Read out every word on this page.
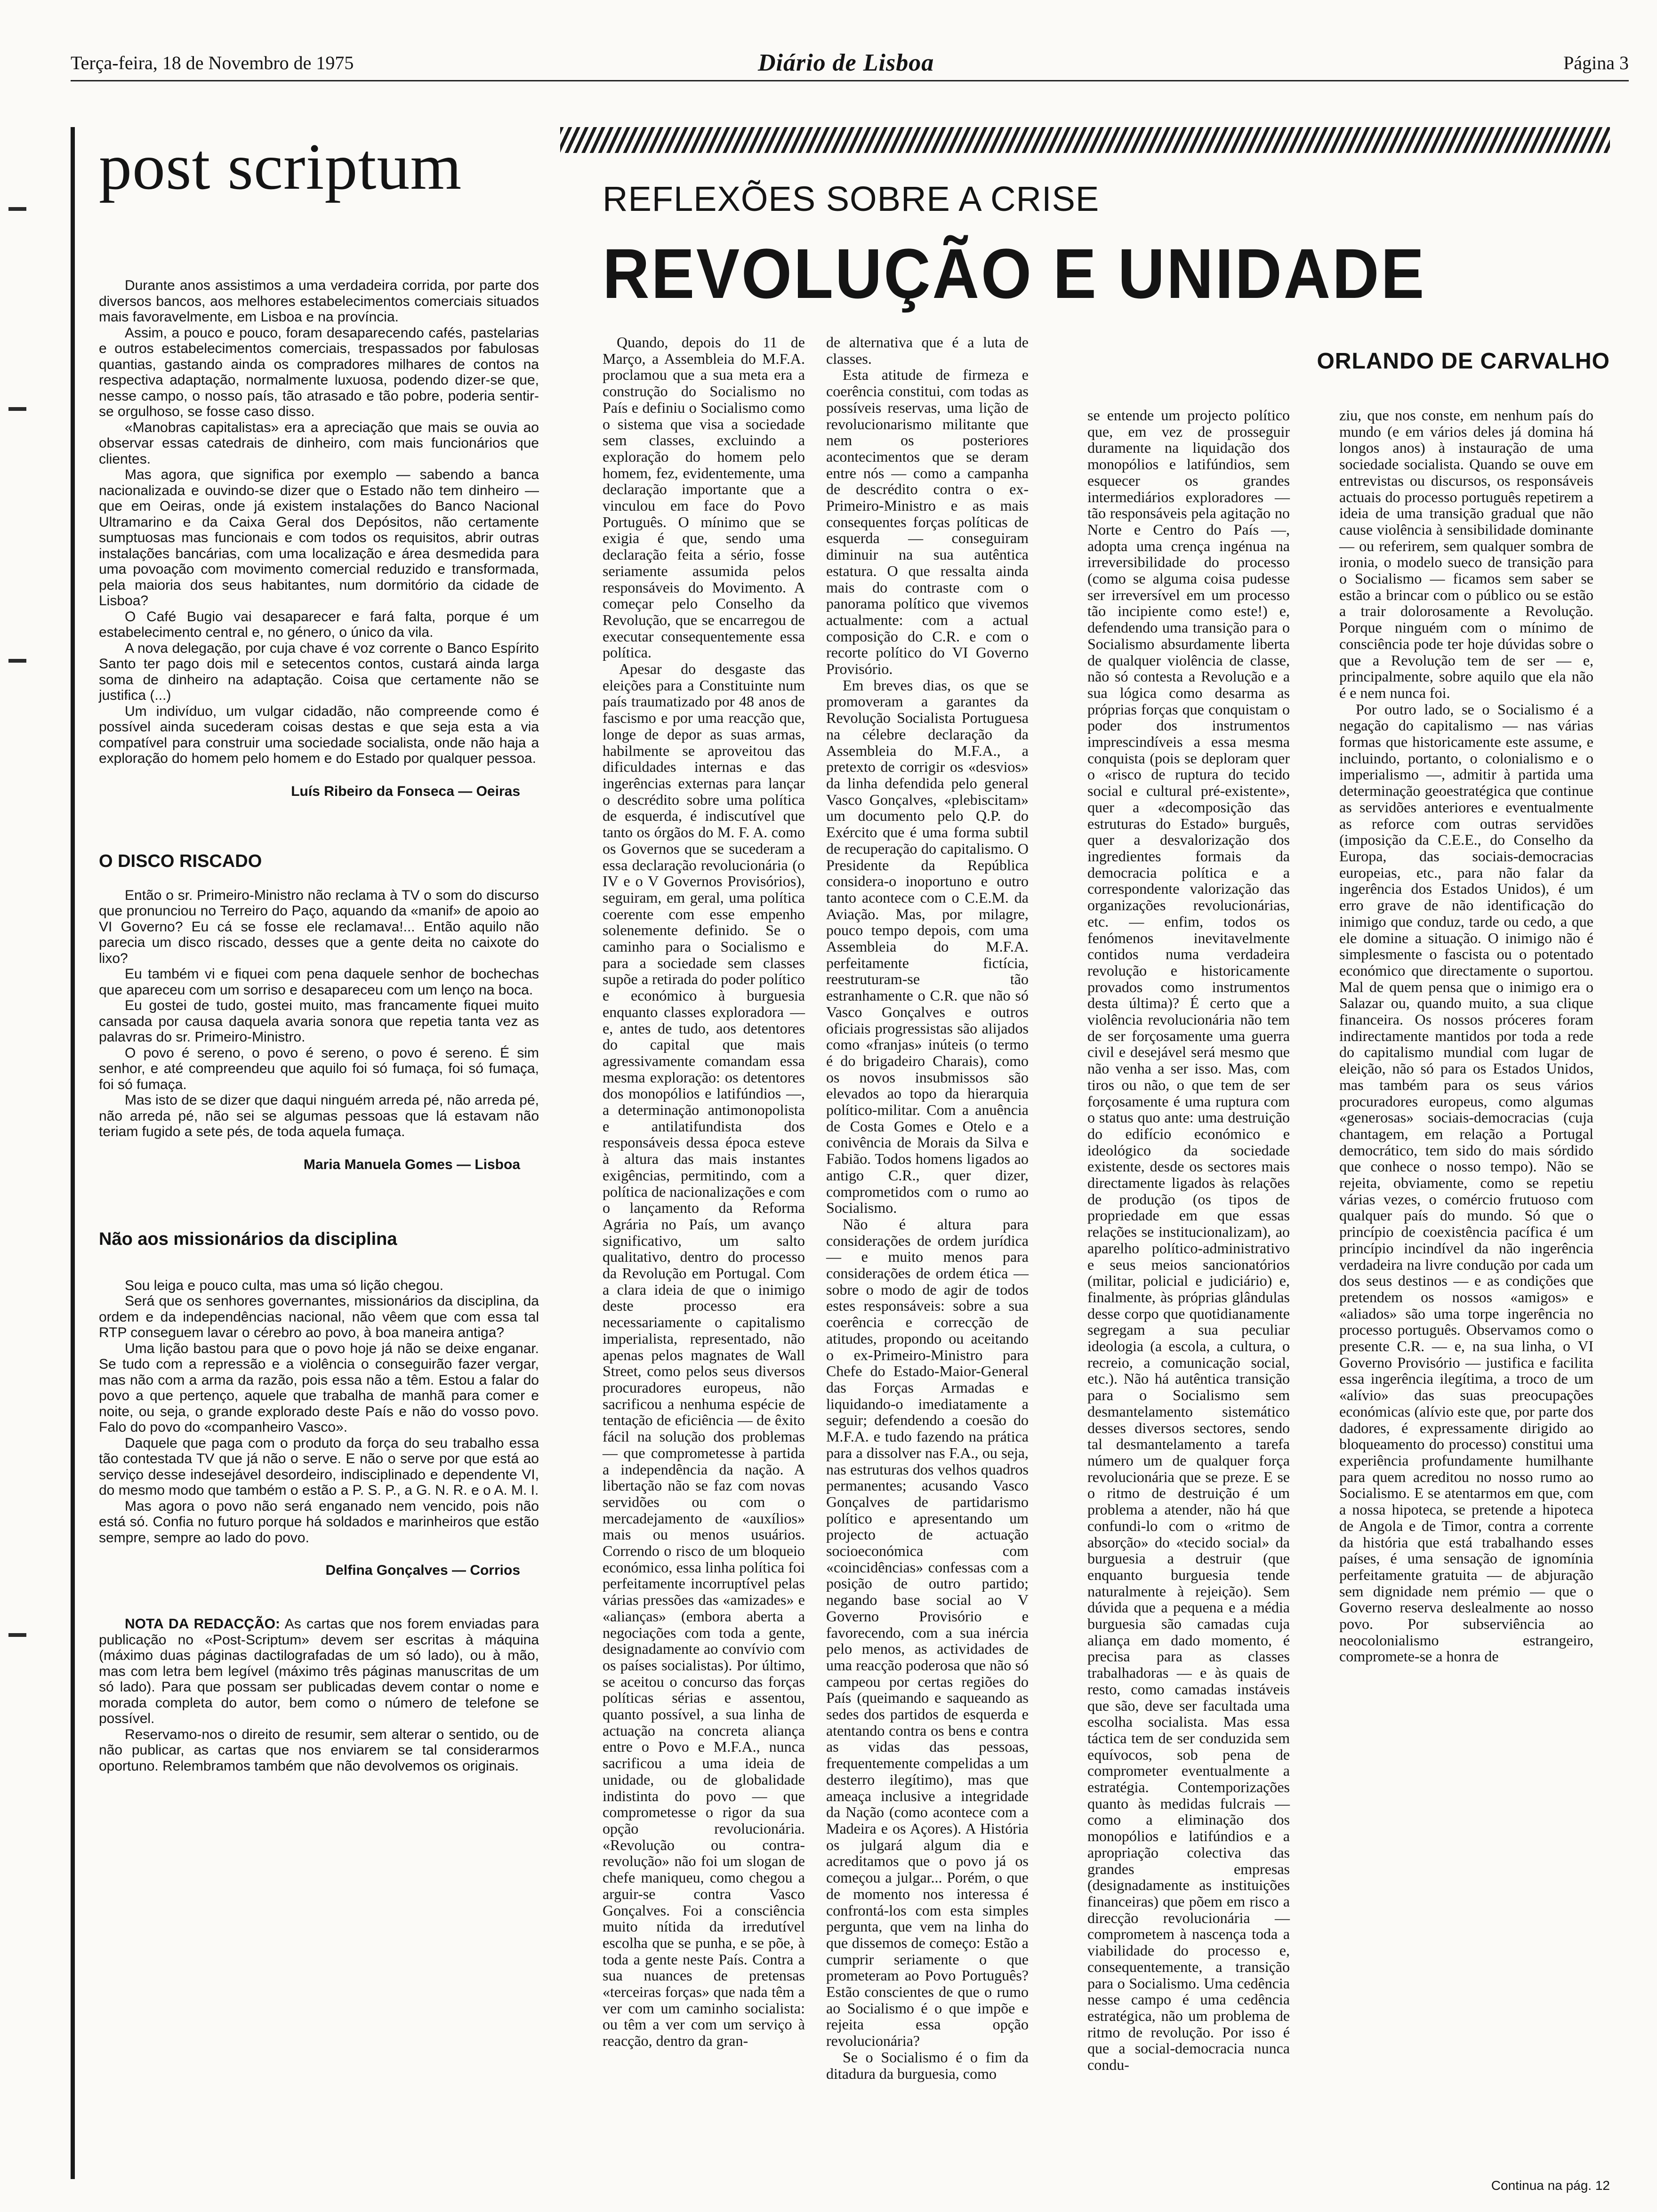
Terça-feira, 18 de Novembro de 1975	Diário de Lisboa	Página 3
post scriptum

Durante anos assistimos a uma verdadeira corrida, por parte dos diversos bancos, aos melhores estabelecimentos comerciais situados mais favoravelmente, em Lisboa e na província.

Assim, a pouco e pouco, foram desaparecendo cafés, pastelarias e outros estabelecimentos comerciais, trespassados por fabulosas quantias, gastando ainda os compradores milhares de contos na respectiva adaptação, normalmente luxuosa, podendo dizer-se que, nesse campo, o nosso país, tão atrasado e tão pobre, poderia sentir-se orgulhoso, se fosse caso disso.

«Manobras capitalistas» era a apreciação que mais se ouvia ao observar essas catedrais de dinheiro, com mais funcionários que clientes.

Mas agora, que significa por exemplo — sabendo a banca nacionalizada e ouvindo-se dizer que o Estado não tem dinheiro — que em Oeiras, onde já existem instalações do Banco Nacional Ultramarino e da Caixa Geral dos Depósitos, não certamente sumptuosas mas funcionais e com todos os requisitos, abrir outras instalações bancárias, com uma localização e área desmedida para uma povoação com movimento comercial reduzido e transformada, pela maioria dos seus habitantes, num dormitório da cidade de Lisboa?

O Café Bugio vai desaparecer e fará falta, porque é um estabelecimento central e, no género, o único da vila.

A nova delegação, por cuja chave é voz corrente o Banco Espírito Santo ter pago dois mil e setecentos contos, custará ainda larga soma de dinheiro na adaptação. Coisa que certamente não se justifica (...)

Um indivíduo, um vulgar cidadão, não compreende como é possível ainda sucederam coisas destas e que seja esta a via compatível para construir uma sociedade socialista, onde não haja a exploração do homem pelo homem e do Estado por qualquer pessoa.

Luís Ribeiro da Fonseca — Oeiras
O DISCO RISCADO

Então o sr. Primeiro-Ministro não reclama à TV o som do discurso que pronunciou no Terreiro do Paço, aquando da «manif» de apoio ao VI Governo? Eu cá se fosse ele reclamava!... Então aquilo não parecia um disco riscado, desses que a gente deita no caixote do lixo?

Eu também vi e fiquei com pena daquele senhor de bochechas que apareceu com um sorriso e desapareceu com um lenço na boca.

Eu gostei de tudo, gostei muito, mas francamente fiquei muito cansada por causa daquela avaria sonora que repetia tanta vez as palavras do sr. Primeiro-Ministro.

O povo é sereno, o povo é sereno, o povo é sereno. É sim senhor, e até compreendeu que aquilo foi só fumaça, foi só fumaça, foi só fumaça.

Mas isto de se dizer que daqui ninguém arreda pé, não arreda pé, não arreda pé, não sei se algumas pessoas que lá estavam não teriam fugido a sete pés, de toda aquela fumaça.

Maria Manuela Gomes — Lisboa
Não aos missionários da disciplina

Sou leiga e pouco culta, mas uma só lição chegou.

Será que os senhores governantes, missionários da disciplina, da ordem e da independências nacional, não vêem que com essa tal RTP conseguem lavar o cérebro ao povo, à boa maneira antiga?

Uma lição bastou para que o povo hoje já não se deixe enganar. Se tudo com a repressão e a violência o conseguirão fazer vergar, mas não com a arma da razão, pois essa não a têm. Estou a falar do povo a que pertenço, aquele que trabalha de manhã para comer e noite, ou seja, o grande explorado deste País e não do vosso povo. Falo do povo do «companheiro Vasco».

Daquele que paga com o produto da força do seu trabalho essa tão contestada TV que já não o serve. E não o serve por que está ao serviço desse indesejável desordeiro, indisciplinado e dependente VI, do mesmo modo que também o estão a P. S. P., a G. N. R. e o A. M. I.

Mas agora o povo não será enganado nem vencido, pois não está só. Confia no futuro porque há soldados e marinheiros que estão sempre, sempre ao lado do povo.

Delfina Gonçalves — Corrios

NOTA DA REDACÇÃO: As cartas que nos forem enviadas para publicação no «Post-Scriptum» devem ser escritas à máquina (máximo duas páginas dactilografadas de um só lado), ou à mão, mas com letra bem legível (máximo três páginas manuscritas de um só lado). Para que possam ser publicadas devem contar o nome e morada completa do autor, bem como o número de telefone se possível.

Reservamo-nos o direito de resumir, sem alterar o sentido, ou de não publicar, as cartas que nos enviarem se tal considerarmos oportuno. Relembramos também que não devolvemos os originais.

REFLEXÕES SOBRE A CRISE
REVOLUÇÃO E UNIDADE
ORLANDO DE CARVALHO

Quando, depois do 11 de Março, a Assembleia do M.F.A. proclamou que a sua meta era a construção do Socialismo no País e definiu o Socialismo como o sistema que visa a sociedade sem classes, excluindo a exploração do homem pelo homem, fez, evidentemente, uma declaração importante que a vinculou em face do Povo Português. O mínimo que se exigia é que, sendo uma declaração feita a sério, fosse seriamente assumida pelos responsáveis do Movimento. A começar pelo Conselho da Revolução, que se encarregou de executar consequentemente essa política.

Apesar do desgaste das eleições para a Constituinte num país traumatizado por 48 anos de fascismo e por uma reacção que, longe de depor as suas armas, habilmente se aproveitou das dificuldades internas e das ingerências externas para lançar o descrédito sobre uma política de esquerda, é indiscutível que tanto os órgãos do M. F. A. como os Governos que se sucederam a essa declaração revolucionária (o IV e o V Governos Provisórios), seguiram, em geral, uma política coerente com esse empenho solenemente definido. Se o caminho para o Socialismo e para a sociedade sem classes supõe a retirada do poder político e económico à burguesia enquanto classes exploradora — e, antes de tudo, aos detentores do capital que mais agressivamente comandam essa mesma exploração: os detentores dos monopólios e latifúndios —, a determinação antimonopolista e antilatifundista dos responsáveis dessa época esteve à altura das mais instantes exigências, permitindo, com a política de nacionalizações e com o lançamento da Reforma Agrária no País, um avanço significativo, um salto qualitativo, dentro do processo da Revolução em Portugal. Com a clara ideia de que o inimigo deste processo era necessariamente o capitalismo imperialista, representado, não apenas pelos magnates de Wall Street, como pelos seus diversos procuradores europeus, não sacrificou a nenhuma espécie de tentação de eficiência — de êxito fácil na solução dos problemas — que comprometesse à partida a independência da nação. A libertação não se faz com novas servidões ou com o mercadejamento de «auxílios» mais ou menos usuários. Correndo o risco de um bloqueio económico, essa linha política foi perfeitamente incorruptível pelas várias pressões das «amizades» e «alianças» (embora aberta a negociações com toda a gente, designadamente ao convívio com os países socialistas). Por último, se aceitou o concurso das forças políticas sérias e assentou, quanto possível, a sua linha de actuação na concreta aliança entre o Povo e M.F.A., nunca sacrificou a uma ideia de unidade, ou de globalidade indistinta do povo — que comprometesse o rigor da sua opção revolucionária. «Revolução ou contra-revolução» não foi um slogan de chefe maniqueu, como chegou a arguir-se contra Vasco Gonçalves. Foi a consciência muito nítida da irredutível escolha que se punha, e se põe, à toda a gente neste País. Contra a sua nuances de pretensas «terceiras forças» que nada têm a ver com um caminho socialista: ou têm a ver com um serviço à reacção, dentro da gran-

de alternativa que é a luta de classes.

Esta atitude de firmeza e coerência constitui, com todas as possíveis reservas, uma lição de revolucionarismo militante que nem os posteriores acontecimentos que se deram entre nós — como a campanha de descrédito contra o ex-Primeiro-Ministro e as mais consequentes forças políticas de esquerda — conseguiram diminuir na sua autêntica estatura. O que ressalta ainda mais do contraste com o panorama político que vivemos actualmente: com a actual composição do C.R. e com o recorte político do VI Governo Provisório.

Em breves dias, os que se promoveram a garantes da Revolução Socialista Portuguesa na célebre declaração da Assembleia do M.F.A., a pretexto de corrigir os «desvios» da linha defendida pelo general Vasco Gonçalves, «plebiscitam» um documento pelo Q.P. do Exército que é uma forma subtil de recuperação do capitalismo. O Presidente da República considera-o inoportuno e outro tanto acontece com o C.E.M. da Aviação. Mas, por milagre, pouco tempo depois, com uma Assembleia do M.F.A. perfeitamente fictícia, reestruturam-se tão estranhamente o C.R. que não só Vasco Gonçalves e outros oficiais progressistas são alijados como «franjas» inúteis (o termo é do brigadeiro Charais), como os novos insubmissos são elevados ao topo da hierarquia político-militar. Com a anuência de Costa Gomes e Otelo e a conivência de Morais da Silva e Fabião. Todos homens ligados ao antigo C.R., quer dizer, comprometidos com o rumo ao Socialismo.

Não é altura para considerações de ordem jurídica — e muito menos para considerações de ordem ética — sobre o modo de agir de todos estes responsáveis: sobre a sua coerência e correcção de atitudes, propondo ou aceitando o ex-Primeiro-Ministro para Chefe do Estado-Maior-General das Forças Armadas e liquidando-o imediatamente a seguir; defendendo a coesão do M.F.A. e tudo fazendo na prática para a dissolver nas F.A., ou seja, nas estruturas dos velhos quadros permanentes; acusando Vasco Gonçalves de partidarismo político e apresentando um projecto de actuação socioeconómica com «coincidências» confessas com a posição de outro partido; negando base social ao V Governo Provisório e favorecendo, com a sua inércia pelo menos, as actividades de uma reacção poderosa que não só campeou por certas regiões do País (queimando e saqueando as sedes dos partidos de esquerda e atentando contra os bens e contra as vidas das pessoas, frequentemente compelidas a um desterro ilegítimo), mas que ameaça inclusive a integridade da Nação (como acontece com a Madeira e os Açores). A História os julgará algum dia e acreditamos que o povo já os começou a julgar... Porém, o que de momento nos interessa é confrontá-los com esta simples pergunta, que vem na linha do que dissemos de começo: Estão a cumprir seriamente o que prometeram ao Povo Português? Estão conscientes de que o rumo ao Socialismo é o que impõe e rejeita essa opção revolucionária?

Se o Socialismo é o fim da ditadura da burguesia, como

se entende um projecto político que, em vez de prosseguir duramente na liquidação dos monopólios e latifúndios, sem esquecer os grandes intermediários exploradores — tão responsáveis pela agitação no Norte e Centro do País —, adopta uma crença ingénua na irreversibilidade do processo (como se alguma coisa pudesse ser irreversível em um processo tão incipiente como este!) e, defendendo uma transição para o Socialismo absurdamente liberta de qualquer violência de classe, não só contesta a Revolução e a sua lógica como desarma as próprias forças que conquistam o poder dos instrumentos imprescindíveis a essa mesma conquista (pois se deploram quer o «risco de ruptura do tecido social e cultural pré-existente», quer a «decomposição das estruturas do Estado» burguês, quer a desvalorização dos ingredientes formais da democracia política e a correspondente valorização das organizações revolucionárias, etc. — enfim, todos os fenómenos inevitavelmente contidos numa verdadeira revolução e historicamente provados como instrumentos desta última)? É certo que a violência revolucionária não tem de ser forçosamente uma guerra civil e desejável será mesmo que não venha a ser isso. Mas, com tiros ou não, o que tem de ser forçosamente é uma ruptura com o status quo ante: uma destruição do edifício económico e ideológico da sociedade existente, desde os sectores mais directamente ligados às relações de produção (os tipos de propriedade em que essas relações se institucionalizam), ao aparelho político-administrativo e seus meios sancionatórios (militar, policial e judiciário) e, finalmente, às próprias glândulas desse corpo que quotidianamente segregam a sua peculiar ideologia (a escola, a cultura, o recreio, a comunicação social, etc.). Não há autêntica transição para o Socialismo sem desmantelamento sistemático desses diversos sectores, sendo tal desmantelamento a tarefa número um de qualquer força revolucionária que se preze. E se o ritmo de destruição é um problema a atender, não há que confundi-lo com o «ritmo de absorção» do «tecido social» da burguesia a destruir (que enquanto burguesia tende naturalmente à rejeição). Sem dúvida que a pequena e a média burguesia são camadas cuja aliança em dado momento, é precisa para as classes trabalhadoras — e às quais de resto, como camadas instáveis que são, deve ser facultada uma escolha socialista. Mas essa táctica tem de ser conduzida sem equívocos, sob pena de comprometer eventualmente a estratégia. Contemporizações quanto às medidas fulcrais — como a eliminação dos monopólios e latifúndios e a apropriação colectiva das grandes empresas (designadamente as instituições financeiras) que põem em risco a direcção revolucionária — comprometem à nascença toda a viabilidade do processo e, consequentemente, a transição para o Socialismo. Uma cedência nesse campo é uma cedência estratégica, não um problema de ritmo de revolução. Por isso é que a social-democracia nunca condu-

ziu, que nos conste, em nenhum país do mundo (e em vários deles já domina há longos anos) à instauração de uma sociedade socialista. Quando se ouve em entrevistas ou discursos, os responsáveis actuais do processo português repetirem a ideia de uma transição gradual que não cause violência à sensibilidade dominante — ou referirem, sem qualquer sombra de ironia, o modelo sueco de transição para o Socialismo — ficamos sem saber se estão a brincar com o público ou se estão a trair dolorosamente a Revolução. Porque ninguém com o mínimo de consciência pode ter hoje dúvidas sobre o que a Revolução tem de ser — e, principalmente, sobre aquilo que ela não é e nem nunca foi.

Por outro lado, se o Socialismo é a negação do capitalismo — nas várias formas que historicamente este assume, e incluindo, portanto, o colonialismo e o imperialismo —, admitir à partida uma determinação geoestratégica que continue as servidões anteriores e eventualmente as reforce com outras servidões (imposição da C.E.E., do Conselho da Europa, das sociais-democracias europeias, etc., para não falar da ingerência dos Estados Unidos), é um erro grave de não identificação do inimigo que conduz, tarde ou cedo, a que ele domine a situação. O inimigo não é simplesmente o fascista ou o potentado económico que directamente o suportou. Mal de quem pensa que o inimigo era o Salazar ou, quando muito, a sua clique financeira. Os nossos próceres foram indirectamente mantidos por toda a rede do capitalismo mundial com lugar de eleição, não só para os Estados Unidos, mas também para os seus vários procuradores europeus, como algumas «generosas» sociais-democracias (cuja chantagem, em relação a Portugal democrático, tem sido do mais sórdido que conhece o nosso tempo). Não se rejeita, obviamente, como se repetiu várias vezes, o comércio frutuoso com qualquer país do mundo. Só que o princípio de coexistência pacífica é um princípio incindível da não ingerência verdadeira na livre condução por cada um dos seus destinos — e as condições que pretendem os nossos «amigos» e «aliados» são uma torpe ingerência no processo português. Observamos como o presente C.R. — e, na sua linha, o VI Governo Provisório — justifica e facilita essa ingerência ilegítima, a troco de um «alívio» das suas preocupações económicas (alívio este que, por parte dos dadores, é expressamente dirigido ao bloqueamento do processo) constitui uma experiência profundamente humilhante para quem acreditou no nosso rumo ao Socialismo. E se atentarmos em que, com a nossa hipoteca, se pretende a hipoteca de Angola e de Timor, contra a corrente da história que está trabalhando esses países, é uma sensação de ignomínia perfeitamente gratuita — de abjuração sem dignidade nem prémio — que o Governo reserva deslealmente ao nosso povo. Por subserviência ao neocolonialismo estrangeiro, compromete-se a honra de

Continua na pág. 12
